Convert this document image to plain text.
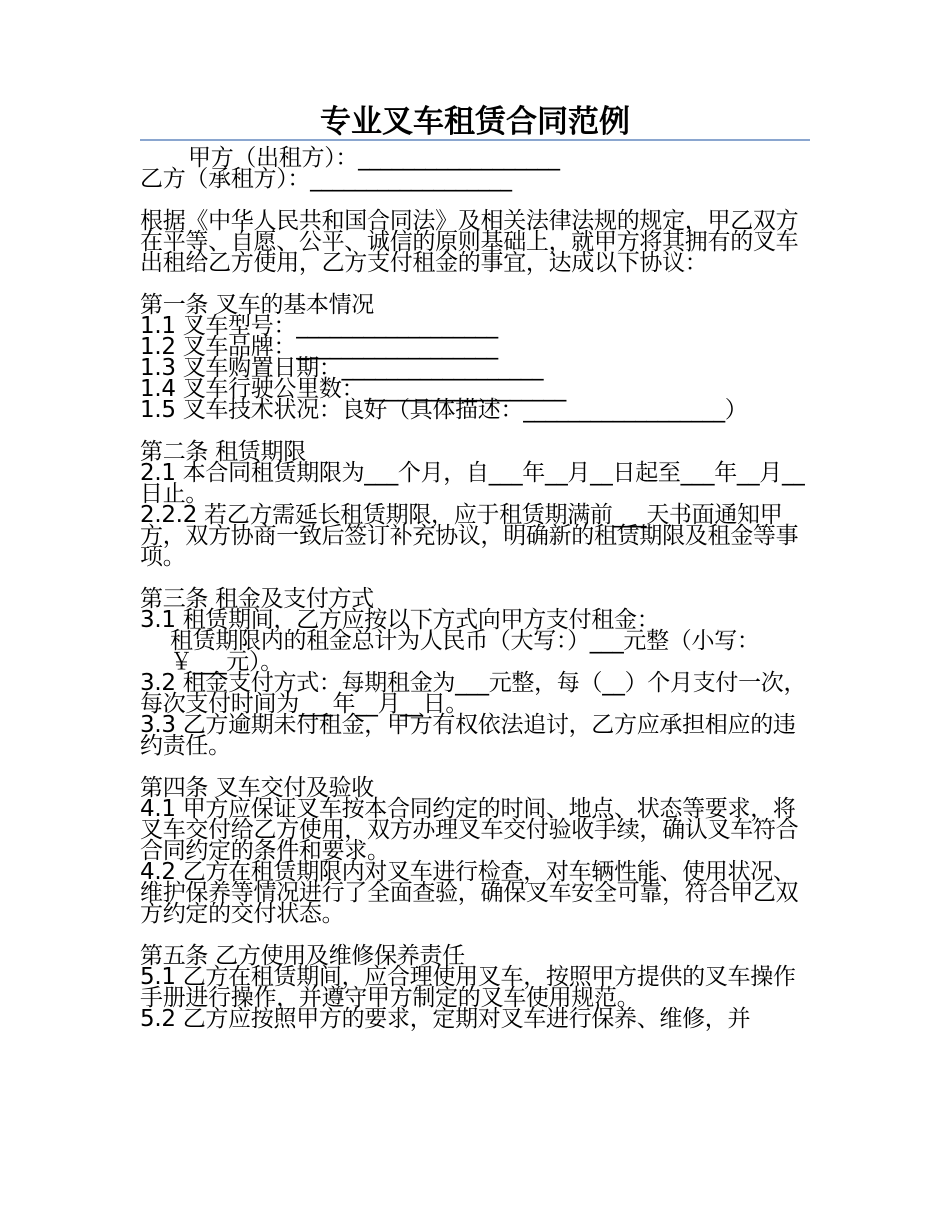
专业叉车租赁合同范例
甲方（出租方）：__________________
乙方（承租方）：__________________
根据《中华人民共和国合同法》及相关法律法规的规定，甲乙双方在平等、自愿、公平、诚信的原则基础上，就甲方将其拥有的叉车出租给乙方使用，乙方支付租金的事宜，达成以下协议：
第一条 叉车的基本情况
1.1 叉车型号：__________________
1.2 叉车品牌：__________________
1.3 叉车购置日期：__________________
1.4 叉车行驶公里数：__________________
1.5 叉车技术状况：良好（具体描述：__________________）
第二条 租赁期限
2.1 本合同租赁期限为___个月，自___年__月__日起至___年__月__日止。
2.2.2 若乙方需延长租赁期限，应于租赁期满前___天书面通知甲方，双方协商一致后签订补充协议，明确新的租赁期限及租金等事项。
第三条 租金及支付方式
3.1 租赁期间，乙方应按以下方式向甲方支付租金：
租赁期限内的租金总计为人民币（大写：）___元整（小写：￥___元）。
3.2 租金支付方式：每期租金为___元整，每（__）个月支付一次，每次支付时间为___年__月__日。
3.3 乙方逾期未付租金，甲方有权依法追讨，乙方应承担相应的违约责任。
第四条 叉车交付及验收
4.1 甲方应保证叉车按本合同约定的时间、地点、状态等要求，将叉车交付给乙方使用，双方办理叉车交付验收手续，确认叉车符合合同约定的条件和要求。
4.2 乙方在租赁期限内对叉车进行检查，对车辆性能、使用状况、维护保养等情况进行了全面查验，确保叉车安全可靠，符合甲乙双方约定的交付状态。
第五条 乙方使用及维修保养责任
5.1 乙方在租赁期间，应合理使用叉车，按照甲方提供的叉车操作手册进行操作，并遵守甲方制定的叉车使用规范。
5.2 乙方应按照甲方的要求，定期对叉车进行保养、维修，并
